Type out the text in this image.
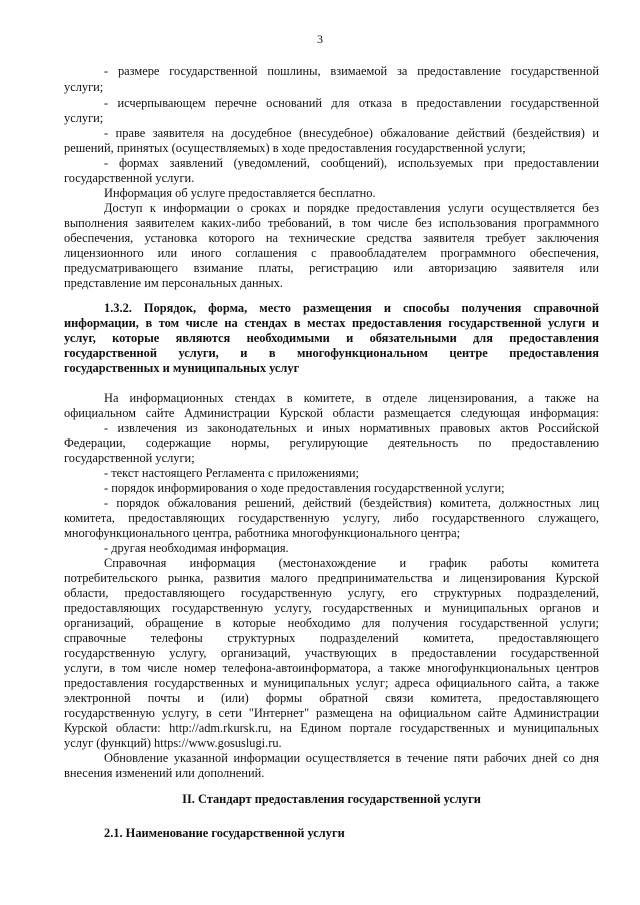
3
- размере государственной пошлины, взимаемой за предоставление государственной
услуги;
- исчерпывающем перечне оснований для отказа в предоставлении государственной
услуги;
- праве заявителя на досудебное (внесудебное) обжалование действий (бездействия) и
решений, принятых (осуществляемых) в ходе предоставления государственной услуги;
- формах заявлений (уведомлений, сообщений), используемых при предоставлении
государственной услуги.
Информация об услуге предоставляется бесплатно.
Доступ к информации о сроках и порядке предоставления услуги осуществляется без
выполнения заявителем каких-либо требований, в том числе без использования программного
обеспечения, установка которого на технические средства заявителя требует заключения
лицензионного или иного соглашения с правообладателем программного обеспечения,
предусматривающего взимание платы, регистрацию или авторизацию заявителя или
представление им персональных данных.
1.3.2. Порядок, форма, место размещения и способы получения справочной
информации, в том числе на стендах в местах предоставления государственной услуги и
услуг, которые являются необходимыми и обязательными для предоставления
государственной услуги, и в многофункциональном центре предоставления
государственных и муниципальных услуг
На информационных стендах в комитете, в отделе лицензирования, а также на
официальном сайте Администрации Курской области размещается следующая информация:
- извлечения из законодательных и иных нормативных правовых актов Российской
Федерации, содержащие нормы, регулирующие деятельность по предоставлению
государственной услуги;
- текст настоящего Регламента с приложениями;
- порядок информирования о ходе предоставления государственной услуги;
- порядок обжалования решений, действий (бездействия) комитета, должностных лиц
комитета, предоставляющих государственную услугу, либо государственного служащего,
многофункционального центра, работника многофункционального центра;
- другая необходимая информация.
Справочная информация (местонахождение и график работы комитета
потребительского рынка, развития малого предпринимательства и лицензирования Курской
области, предоставляющего государственную услугу, его структурных подразделений,
предоставляющих государственную услугу, государственных и муниципальных органов и
организаций, обращение в которые необходимо для получения государственной услуги;
справочные телефоны структурных подразделений комитета, предоставляющего
государственную услугу, организаций, участвующих в предоставлении государственной
услуги, в том числе номер телефона-автоинформатора, а также многофункциональных центров
предоставления государственных и муниципальных услуг; адреса официального сайта, а также
электронной почты и (или) формы обратной связи комитета, предоставляющего
государственную услугу, в сети "Интернет" размещена на официальном сайте Администрации
Курской области: http://adm.rkursk.ru, на Едином портале государственных и муниципальных
услуг (функций) https://www.gosuslugi.ru.
Обновление указанной информации осуществляется в течение пяти рабочих дней со дня
внесения изменений или дополнений.
II. Стандарт предоставления государственной услуги
2.1. Наименование государственной услуги
